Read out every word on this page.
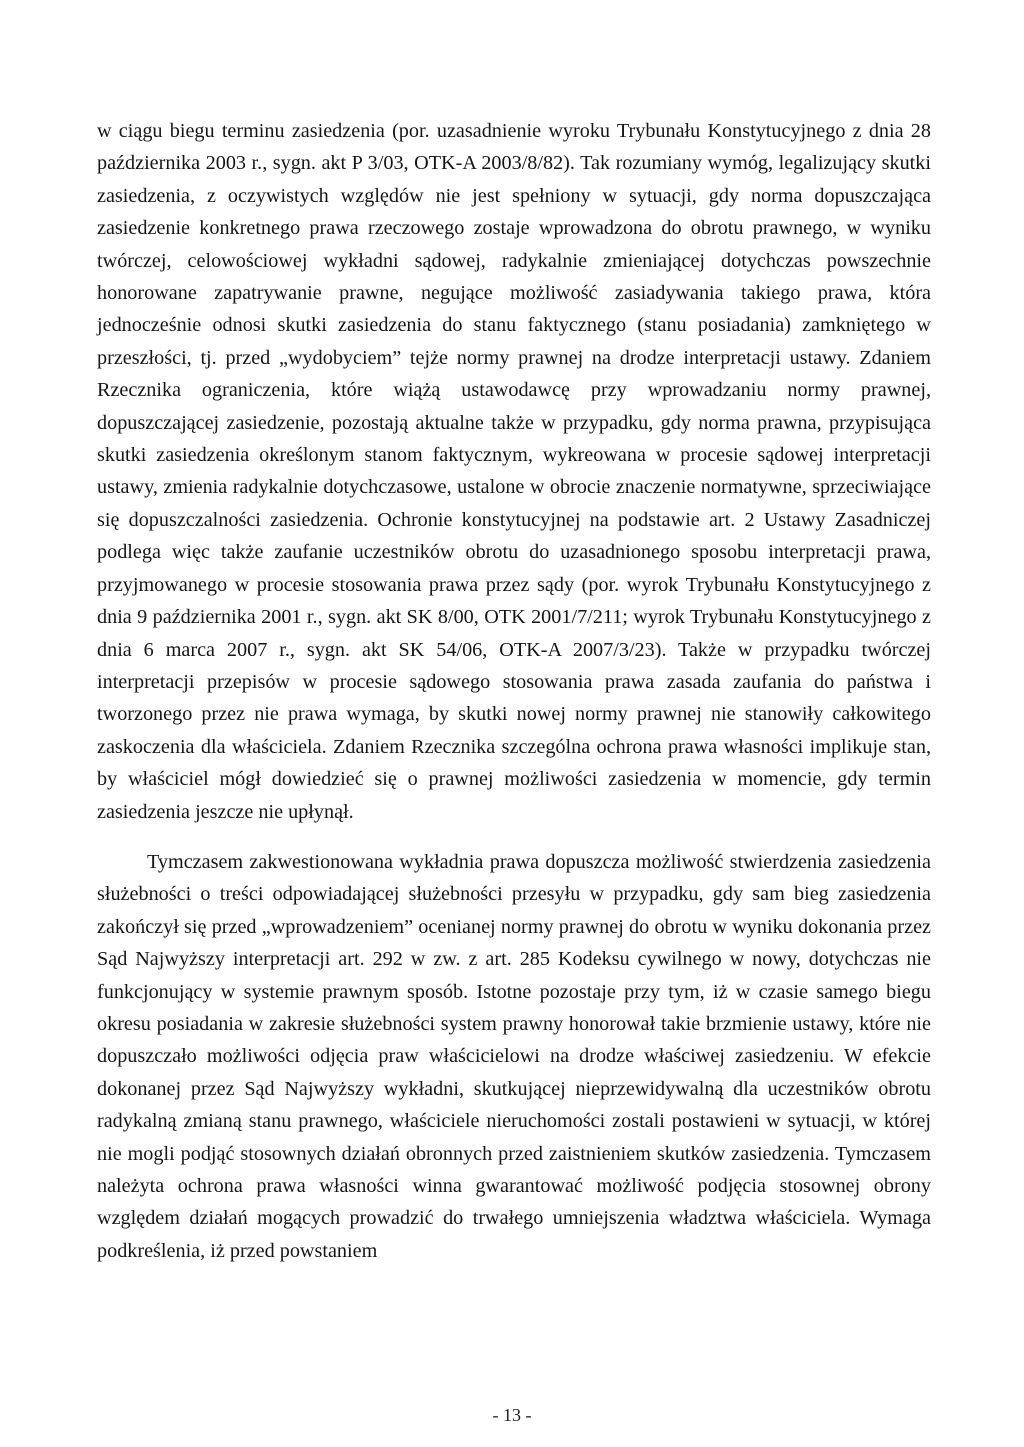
w ciągu biegu terminu zasiedzenia (por. uzasadnienie wyroku Trybunału Konstytucyjnego z dnia 28 października 2003 r., sygn. akt P 3/03, OTK-A 2003/8/82). Tak rozumiany wymóg, legalizujący skutki zasiedzenia, z oczywistych względów nie jest spełniony w sytuacji, gdy norma dopuszczająca zasiedzenie konkretnego prawa rzeczowego zostaje wprowadzona do obrotu prawnego, w wyniku twórczej, celowościowej wykładni sądowej, radykalnie zmieniającej dotychczas powszechnie honorowane zapatrywanie prawne, negujące możliwość zasiadywania takiego prawa, która jednocześnie odnosi skutki zasiedzenia do stanu faktycznego (stanu posiadania) zamkniętego w przeszłości, tj. przed „wydobyciem” tejże normy prawnej na drodze interpretacji ustawy. Zdaniem Rzecznika ograniczenia, które wiążą ustawodawcę przy wprowadzaniu normy prawnej, dopuszczającej zasiedzenie, pozostają aktualne także w przypadku, gdy norma prawna, przypisująca skutki zasiedzenia określonym stanom faktycznym, wykreowana w procesie sądowej interpretacji ustawy, zmienia radykalnie dotychczasowe, ustalone w obrocie znaczenie normatywne, sprzeciwiające się dopuszczalności zasiedzenia. Ochronie konstytucyjnej na podstawie art. 2 Ustawy Zasadniczej podlega więc także zaufanie uczestników obrotu do uzasadnionego sposobu interpretacji prawa, przyjmowanego w procesie stosowania prawa przez sądy (por. wyrok Trybunału Konstytucyjnego z dnia 9 października 2001 r., sygn. akt SK 8/00, OTK 2001/7/211; wyrok Trybunału Konstytucyjnego z dnia 6 marca 2007 r., sygn. akt SK 54/06, OTK-A 2007/3/23). Także w przypadku twórczej interpretacji przepisów w procesie sądowego stosowania prawa zasada zaufania do państwa i tworzonego przez nie prawa wymaga, by skutki nowej normy prawnej nie stanowiły całkowitego zaskoczenia dla właściciela. Zdaniem Rzecznika szczególna ochrona prawa własności implikuje stan, by właściciel mógł dowiedzieć się o prawnej możliwości zasiedzenia w momencie, gdy termin zasiedzenia jeszcze nie upłynął.

Tymczasem zakwestionowana wykładnia prawa dopuszcza możliwość stwierdzenia zasiedzenia służebności o treści odpowiadającej służebności przesyłu w przypadku, gdy sam bieg zasiedzenia zakończył się przed „wprowadzeniem” ocenianej normy prawnej do obrotu w wyniku dokonania przez Sąd Najwyższy interpretacji art. 292 w zw. z art. 285 Kodeksu cywilnego w nowy, dotychczas nie funkcjonujący w systemie prawnym sposób. Istotne pozostaje przy tym, iż w czasie samego biegu okresu posiadania w zakresie służebności system prawny honorował takie brzmienie ustawy, które nie dopuszczało możliwości odjęcia praw właścicielowi na drodze właściwej zasiedzeniu. W efekcie dokonanej przez Sąd Najwyższy wykładni, skutkującej nieprzewidywalną dla uczestników obrotu radykalną zmianą stanu prawnego, właściciele nieruchomości zostali postawieni w sytuacji, w której nie mogli podjąć stosownych działań obronnych przed zaistnieniem skutków zasiedzenia. Tymczasem należyta ochrona prawa własności winna gwarantować możliwość podjęcia stosownej obrony względem działań mogących prowadzić do trwałego umniejszenia władztwa właściciela. Wymaga podkreślenia, iż przed powstaniem

- 13 -
